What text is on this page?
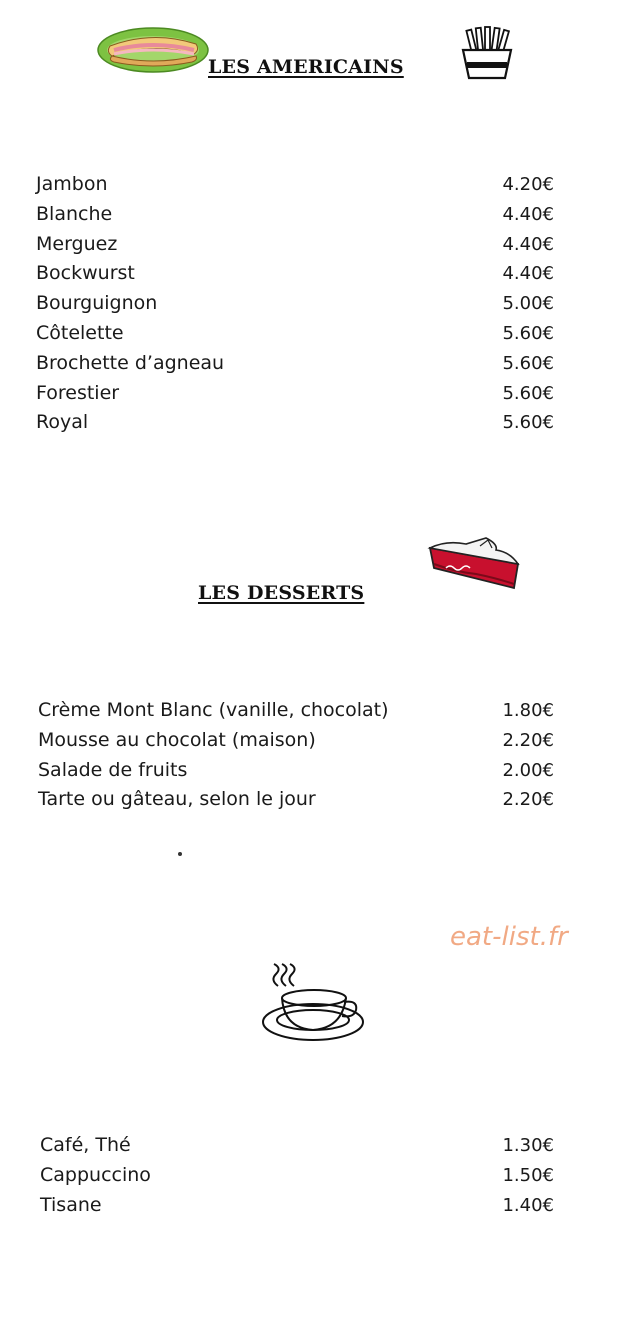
LES AMERICAINS
Jambon	4.20€
Blanche	4.40€
Merguez	4.40€
Bockwurst	4.40€
Bourguignon	5.00€
Côtelette	5.60€
Brochette d’agneau	5.60€
Forestier	5.60€
Royal	5.60€
LES DESSERTS
Crème Mont Blanc (vanille, chocolat)	1.80€
Mousse au chocolat (maison)	2.20€
Salade de fruits	2.00€
Tarte ou gâteau, selon le jour	2.20€
eat-list.fr
Café, Thé	1.30€
Cappuccino	1.50€
Tisane	1.40€
